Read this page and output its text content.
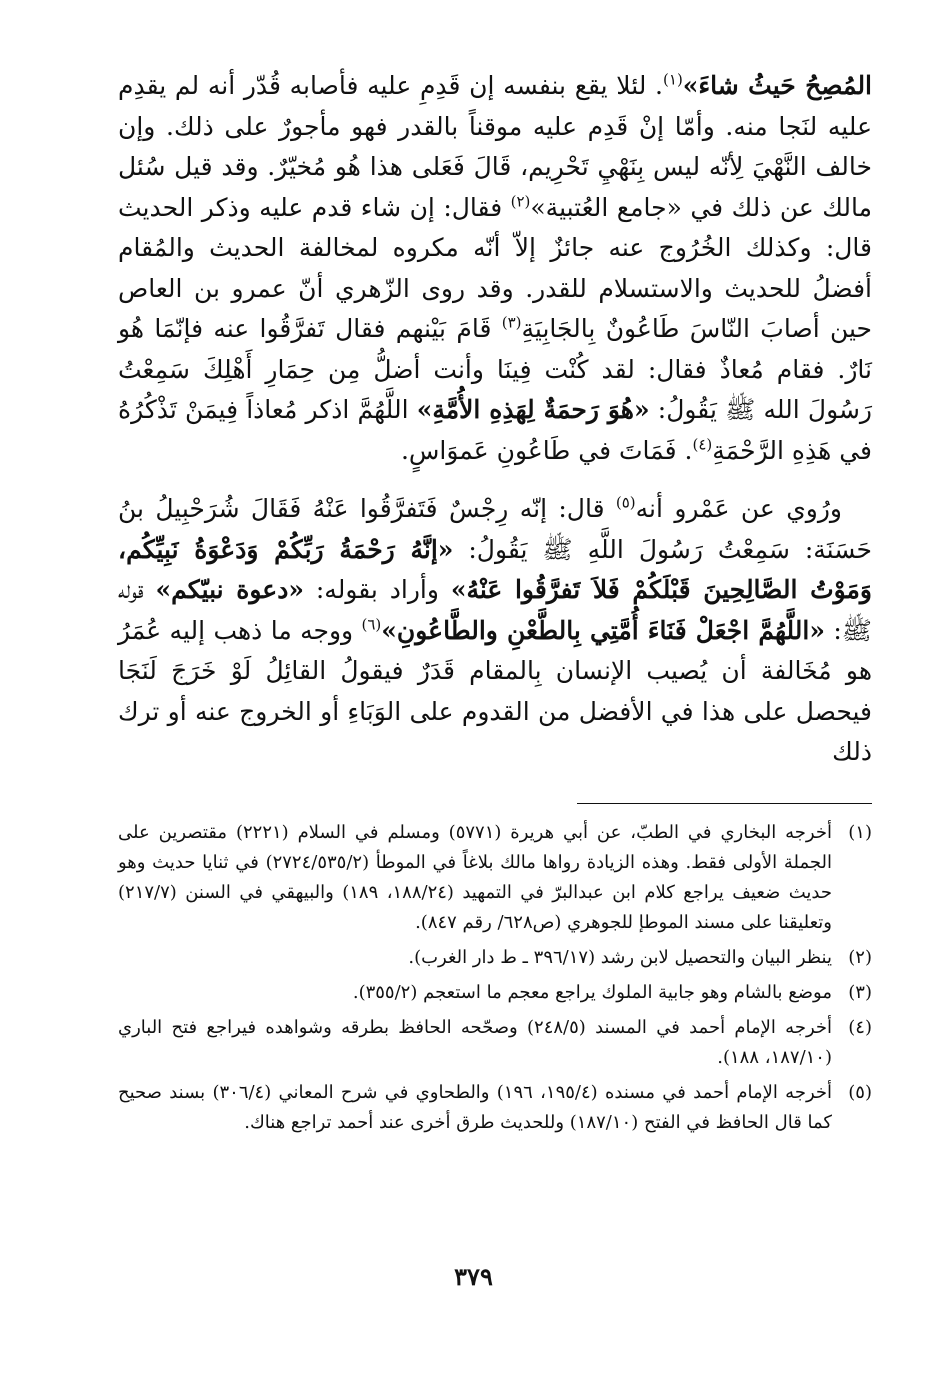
المُصِحُ حَيثُ شاءَ»$^{(١)}$. لئلا يقع بنفسه إن قَدِمِ عليه فأصابه قُدّر أنه لم يقدِم عليه لنَجا منه. وأمّا إنْ قَدِم عليه موقناً بالقدر فهو مأجورٌ على ذلك. وإن خالف النَّهْيَ لِأنّه ليس بِنَهْيِ تَحْرِيم، قَالَ فَعَلى هذا هُو مُخيّرٌ. وقد قيل سُئل مالك عن ذلك في «جامع العُتبية»$^{(٢)}$ فقال: إن شاء قدم عليه وذكر الحديث قال: وكذلك الخُرُوج عنه جائزٌ إلاّ أنّه مكروه لمخالفة الحديث والمُقام أفضلُ للحديث والاستسلام للقدر. وقد روى الزّهري أنّ عمرو بن العاص حين أصابَ النّاسَ طَاعُونٌ بِالجَابِيَةِ$^{(٣)}$ قَامَ بَيْنهم فقال تَفرَّقُوا عنه فإنّمَا هُو نَارٌ. فقام مُعاذٌ فقال: لقد كُنْت فِينَا وأنت أضلُّ مِن حِمَارِ أَهْلِكَ سَمِعْتُ رَسُولَ الله ﷺ يَقُولُ: «هُوَ رَحمَةٌ لِهَذِهِ الأُمَّةِ» اللَّهُمَّ اذكر مُعاذاً فِيمَنْ تَذْكُرُهُ في هَذِهِ الرَّحْمَةِ$^{(٤)}$. فَمَاتَ في طَاعُونِ عَموَاسٍ.

ورُوي عن عَمْرو أنه$^{(٥)}$ قال: إنّه رِجْسٌ فَتَفرَّقُوا عَنْهُ فَقَالَ شُرَحْبِيلُ بنُ حَسَنَة: سَمِعْتُ رَسُولَ اللَّهِ ﷺ يَقُولُ: «إنَّهُ رَحْمَةُ رَبِّكُمْ وَدَعْوَةُ نَبِيِّكُم، وَمَوْتُ الصَّالِحِينَ قَبْلَكُمْ فَلاَ تَفرَّقُوا عَنْهُ» وأراد بقوله: «دعوة نبيّكم» قوله ﷺ: «اللَّهُمَّ اجْعَلْ فَنَاءَ أُمَّتِي بِالطَّعْنِ والطَّاعُونِ»$^{(٦)}$ ووجه ما ذهب إليه عُمَرُ هو مُخَالفة أن يُصيب الإنسان بِالمقام قَدَرٌ فيقولُ القائِلُ لَوْ خَرَجَ لَنَجَا فيحصل على هذا في الأفضل من القدوم على الوَبَاءِ أو الخروج عنه أو ترك ذلك

(١)
أخرجه البخاري في الطبّ، عن أبي هريرة (٥٧٧١) ومسلم في السلام (٢٢٢١) مقتصرين على الجملة الأولى فقط. وهذه الزيادة رواها مالك بلاغاً في الموطأ (٢٧٢٤/٥٣٥/٢) في ثنايا حديث وهو حديث ضعيف يراجع كلام ابن عبدالبرّ في التمهيد (١٨٨/٢٤، ١٨٩) والبيهقي في السنن (٢١٧/٧) وتعليقنا على مسند الموطإ للجوهري (ص٦٢٨/ رقم ٨٤٧).
(٢)
ينظر البيان والتحصيل لابن رشد (٣٩٦/١٧ ـ ط دار الغرب).
(٣)
موضع بالشام وهو جابية الملوك يراجع معجم ما استعجم (٣٥٥/٢).
(٤)
أخرجه الإمام أحمد في المسند (٢٤٨/٥) وصحّحه الحافظ بطرقه وشواهده فيراجع فتح الباري (١٨٧/١٠، ١٨٨).
(٥)
أخرجه الإمام أحمد في مسنده (١٩٥/٤، ١٩٦) والطحاوي في شرح المعاني (٣٠٦/٤) بسند صحيح كما قال الحافظ في الفتح (١٨٧/١٠) وللحديث طرق أخرى عند أحمد تراجع هناك.
٣٧٩
